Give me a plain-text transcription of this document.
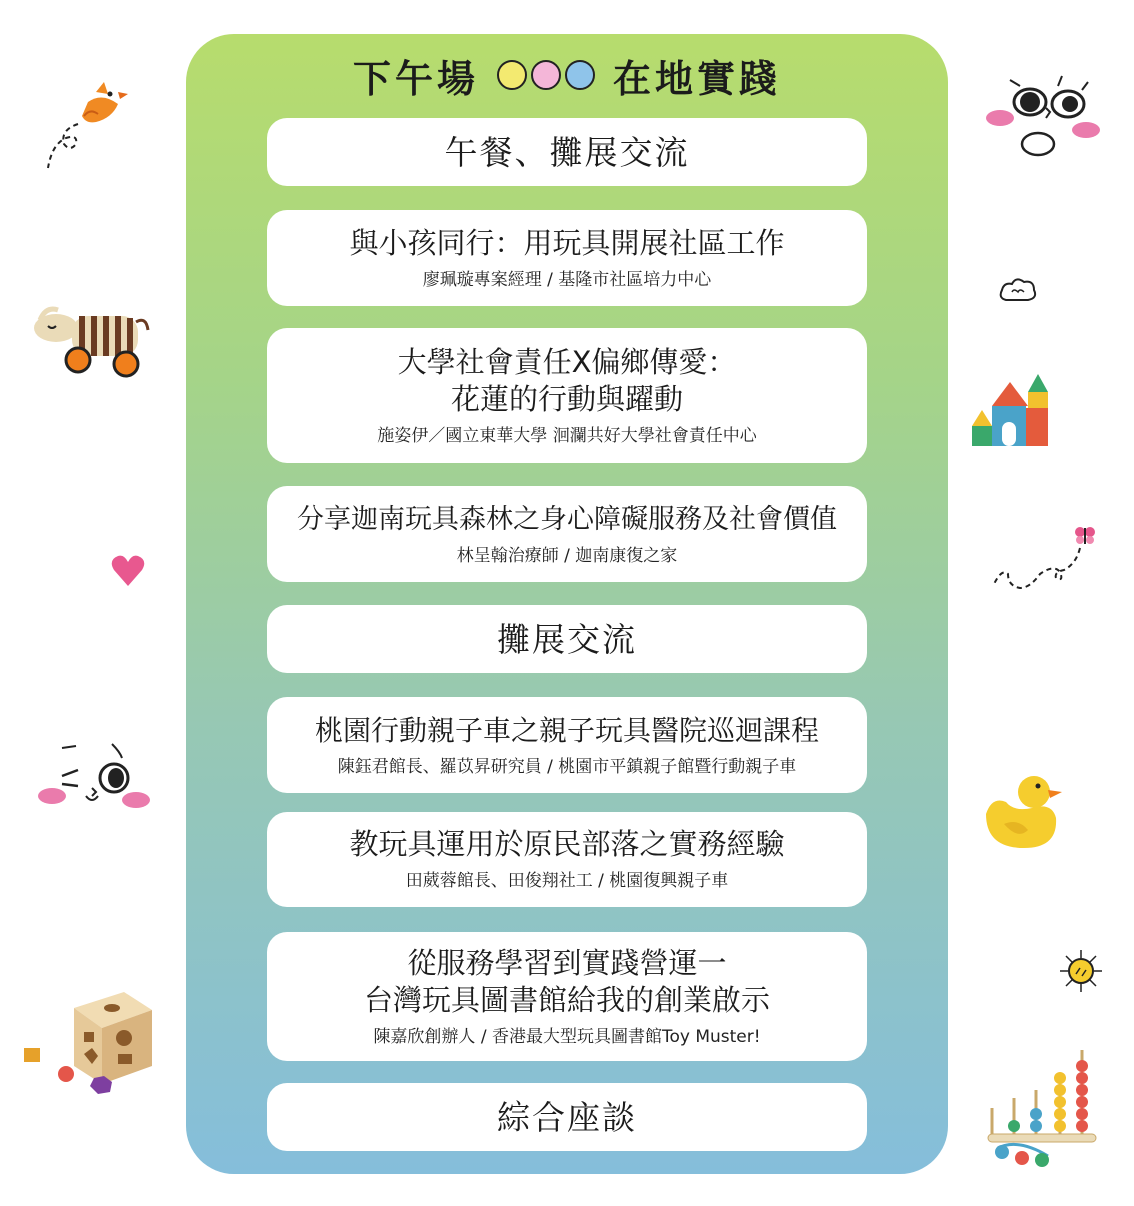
下午場	在地實踐
午餐、攤展交流
與小孩同行：用玩具開展社區工作
廖珮璇專案經理 / 基隆市社區培力中心
大學社會責任X偏鄉傳愛：
花蓮的行動與躍動
施姿伊／國立東華大學 洄瀾共好大學社會責任中心
分享迦南玩具森林之身心障礙服務及社會價值
林呈翰治療師 / 迦南康復之家
攤展交流
桃園行動親子車之親子玩具醫院巡迴課程
陳鈺君館長、羅苡昇研究員 / 桃園市平鎮親子館暨行動親子車
教玩具運用於原民部落之實務經驗
田葳蓉館長、田俊翔社工 / 桃園復興親子車
從服務學習到實踐營運一
台灣玩具圖書館給我的創業啟示
陳嘉欣創辦人 / 香港最大型玩具圖書館Toy Muster!
綜合座談
